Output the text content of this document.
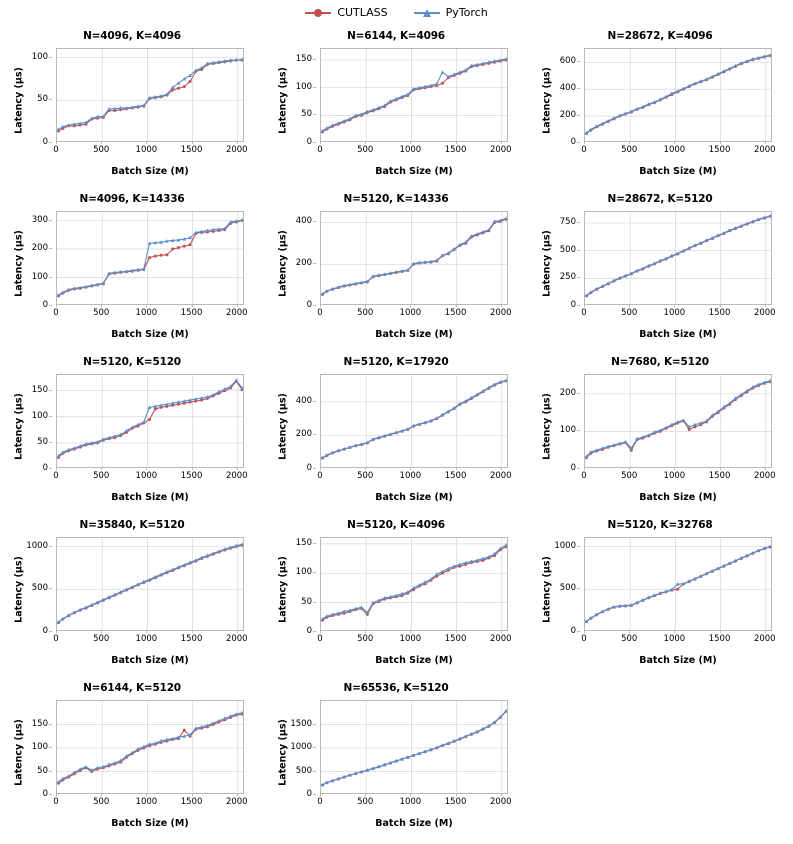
CUTLASS	PyTorch
N=4096, K=4096
Latency (μs)
Batch Size (M)
0	500	1000	1500	2000
0
50
100
N=6144, K=4096
Latency (μs)
Batch Size (M)
0	500	1000	1500	2000
0
50
100
150
N=28672, K=4096
Latency (μs)
Batch Size (M)
0	500	1000	1500	2000
0
200
400
600
N=4096, K=14336
Latency (μs)
Batch Size (M)
0	500	1000	1500	2000
0
100
200
300
N=5120, K=14336
Latency (μs)
Batch Size (M)
0	500	1000	1500	2000
0
200
400
N=28672, K=5120
Latency (μs)
Batch Size (M)
0	500	1000	1500	2000
0
250
500
750
N=5120, K=5120
Latency (μs)
Batch Size (M)
0	500	1000	1500	2000
0
50
100
150
N=5120, K=17920
Latency (μs)
Batch Size (M)
0	500	1000	1500	2000
0
200
400
N=7680, K=5120
Latency (μs)
Batch Size (M)
0	500	1000	1500	2000
0
100
200
N=35840, K=5120
Latency (μs)
Batch Size (M)
0	500	1000	1500	2000
0
500
1000
N=5120, K=4096
Latency (μs)
Batch Size (M)
0	500	1000	1500	2000
0
50
100
150
N=5120, K=32768
Latency (μs)
Batch Size (M)
0	500	1000	1500	2000
0
500
1000
N=6144, K=5120
Latency (μs)
Batch Size (M)
0	500	1000	1500	2000
0
50
100
150
N=65536, K=5120
Latency (μs)
Batch Size (M)
0	500	1000	1500	2000
0
500
1000
1500
